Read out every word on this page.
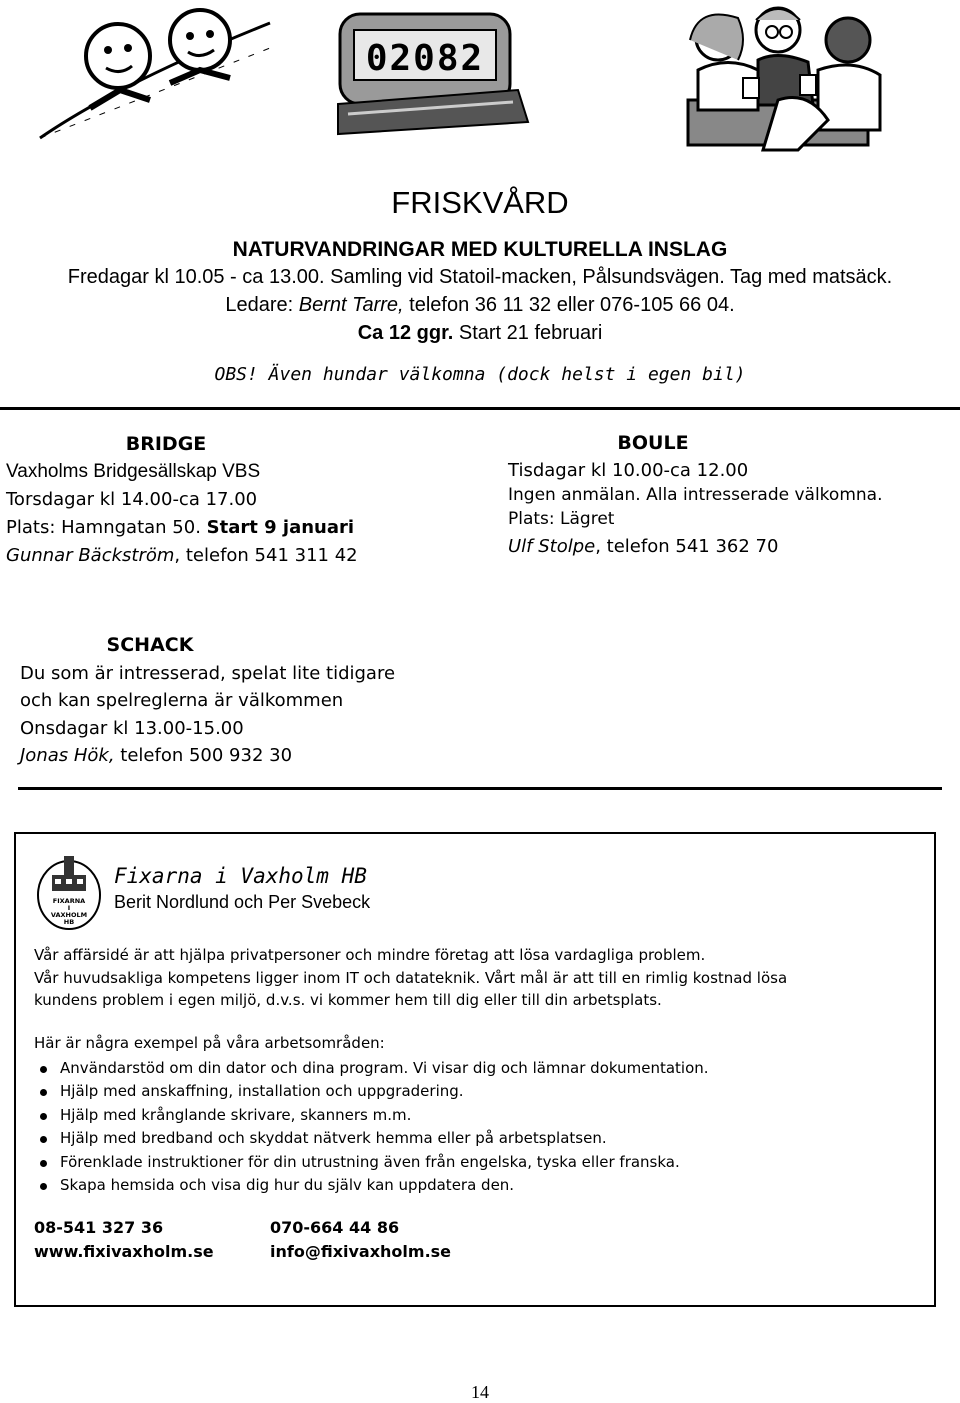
02082
FRISKVÅRD
NATURVANDRINGAR MED KULTURELLA INSLAG
Fredagar kl 10.05 - ca 13.00. Samling vid Statoil-macken, Pålsundsvägen. Tag med matsäck.
Ledare: Bernt Tarre, telefon 36 11 32 eller 076-105 66 04.
Ca 12 ggr. Start 21 februari
OBS! Även hundar välkomna (dock helst i egen bil)
BRIDGE
Vaxholms Bridgesällskap VBS
Torsdagar kl 14.00-ca 17.00
Plats: Hamngatan 50. Start 9 januari
Gunnar Bäckström, telefon 541 311 42
BOULE
Tisdagar kl 10.00-ca 12.00
Ingen anmälan. Alla intresserade välkomna.
Plats: Lägret
Ulf Stolpe, telefon 541 362 70
SCHACK
Du som är intresserad, spelat lite tidigare
och kan spelreglerna är välkommen
Onsdagar kl 13.00-15.00
Jonas Hök, telefon 500 932 30
FIXARNA
I
VAXHOLM
HB
Fixarna i Vaxholm HB
Berit Nordlund och Per Svebeck
Vår affärsidé är att hjälpa privatpersoner och mindre företag att lösa vardagliga problem.
Vår huvudsakliga kompetens ligger inom IT och datateknik. Vårt mål är att till en rimlig kostnad lösa
kundens problem i egen miljö, d.v.s. vi kommer hem till dig eller till din arbetsplats.
Här är några exempel på våra arbetsområden:
Användarstöd om din dator och dina program. Vi visar dig och lämnar dokumentation.
Hjälp med anskaffning, installation och uppgradering.
Hjälp med krånglande skrivare, skanners m.m.
Hjälp med bredband och skyddat nätverk hemma eller på arbetsplatsen.
Förenklade instruktioner för din utrustning även från engelska, tyska eller franska.
Skapa hemsida och visa dig hur du själv kan uppdatera den.
08-541 327 36	070-664 44 86
www.fixivaxholm.se	info@fixivaxholm.se
14
